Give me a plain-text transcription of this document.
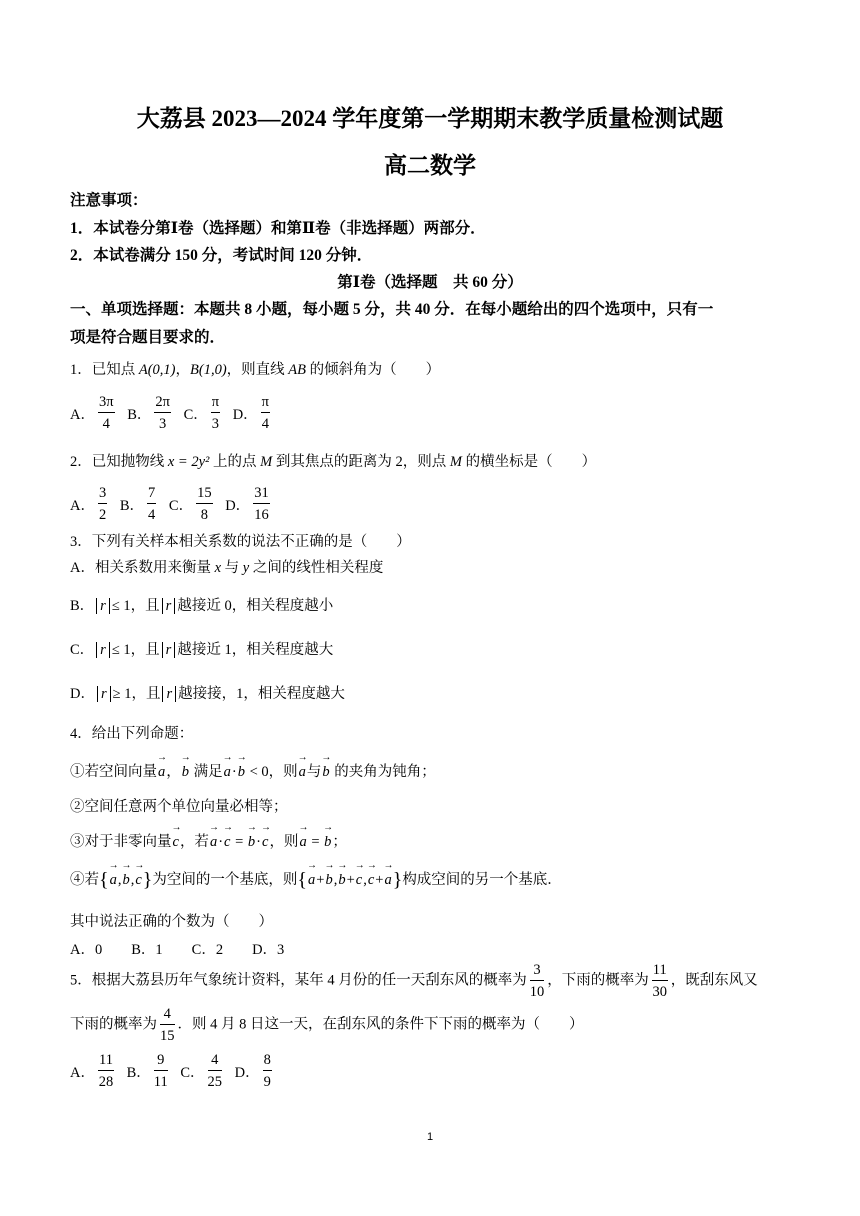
大荔县 2023—2024 学年度第一学期期末教学质量检测试题
高二数学
注意事项：
1．本试卷分第Ⅰ卷（选择题）和第Ⅱ卷（非选择题）两部分．
2．本试卷满分 150 分，考试时间 120 分钟．
第Ⅰ卷（选择题　共 60 分）
一、单项选择题：本题共 8 小题，每小题 5 分，共 40 分．在每小题给出的四个选项中，只有一
项是符合题目要求的．
1．已知点 A(0,1)，B(1,0)，则直线 AB 的倾斜角为（　　）
A． $\frac{3\pi}{4}$
B． $\frac{2\pi}{3}$
C． $\frac{\pi}{3}$
D． $\frac{\pi}{4}$
2．已知抛物线 x = 2y² 上的点 M 到其焦点的距离为 2，则点 M 的横坐标是（　　）
A． $\frac{3}{2}$
B． $\frac{7}{4}$
C． $\frac{15}{8}$
D． $\frac{31}{16}$
3．下列有关样本相关系数的说法不正确的是（　　）
A．相关系数用来衡量 x 与 y 之间的线性相关程度
B． r ≤ 1，且 r 越接近 0，相关程度越小
C． r ≤ 1，且 r 越接近 1，相关程度越大
D． r ≥ 1，且 r 越接接，1，相关程度越大
4．给出下列命题：
①若空间向量→ a，→ b 满足→ a·→ b < 0，则→ a与→ b 的夹角为钝角；
②空间任意两个单位向量必相等；
③对于非零向量→ c，若→ a·→ c = → b·→ c，则→ a = → b；
④若{→ a,→ b,→ c}为空间的一个基底，则{→ a+→ b,→ b+→ c,→ c+→ a}构成空间的另一个基底．
其中说法正确的个数为（　　）
A．0　　B．1　　C．2　　D．3
5．根据大荔县历年气象统计资料，某年 4 月份的任一天刮东风的概率为 $\frac{3}{10}$ ，下雨的概率为 $\frac{11}{30}$ ，既刮东风又
下雨的概率为 $\frac{4}{15}$ ．则 4 月 8 日这一天，在刮东风的条件下下雨的概率为（　　）
A． $\frac{11}{28}$
B． $\frac{9}{11}$
C． $\frac{4}{25}$
D． $\frac{8}{9}$
1
